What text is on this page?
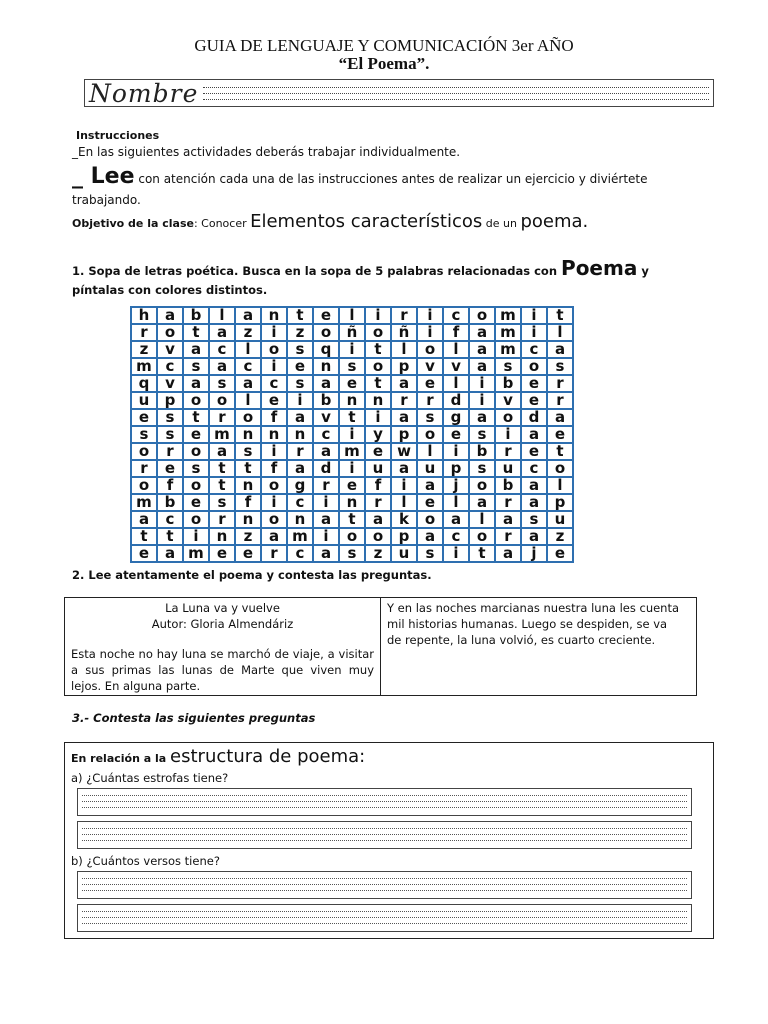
GUIA DE LENGUAJE Y COMUNICACIÓN 3er AÑO
“El Poema”.
Nombre
Instrucciones
_En las siguientes actividades deberás trabajar individualmente.
_ Lee con atención cada una de las instrucciones antes de realizar un ejercicio y diviértete
trabajando.
Objetivo de la clase: Conocer Elementos característicos de un poema.
1. Sopa de letras poética. Busca en la sopa de 5 palabras relacionadas con Poema y
píntalas con colores distintos.
h	a	b	l	a	n	t	e	l	i	r	i	c	o	m	i	t
r	o	t	a	z	i	z	o	ñ	o	ñ	i	f	a	m	i	l
z	v	a	c	l	o	s	q	i	t	l	o	l	a	m	c	a
m	c	s	a	c	i	e	n	s	o	p	v	v	a	s	o	s
q	v	a	s	a	c	s	a	e	t	a	e	l	i	b	e	r
u	p	o	o	l	e	i	b	n	n	r	r	d	i	v	e	r
e	s	t	r	o	f	a	v	t	i	a	s	g	a	o	d	a
s	s	e	m	n	n	n	c	i	y	p	o	e	s	i	a	e
o	r	o	a	s	i	r	a	m	e	w	l	i	b	r	e	t
r	e	s	t	t	f	a	d	i	u	a	u	p	s	u	c	o
o	f	o	t	n	o	g	r	e	f	i	a	j	o	b	a	l
m	b	e	s	f	i	c	i	n	r	l	e	l	a	r	a	p
a	c	o	r	n	o	n	a	t	a	k	o	a	l	a	s	u
t	t	i	n	z	a	m	i	o	o	p	a	c	o	r	a	z
e	a	m	e	e	r	c	a	s	z	u	s	i	t	a	j	e
2. Lee atentamente el poema y contesta las preguntas.
La Luna va y vuelve
Autor: Gloria Almendáriz
Esta noche no hay luna se marchó de viaje, a visitar a sus primas las lunas de Marte que viven muy lejos. En alguna parte.
Y en las noches marcianas nuestra luna les cuenta mil historias humanas. Luego se despiden, se va de repente, la luna volvió, es cuarto creciente.
3.- Contesta las siguientes preguntas
En relación a la estructura de poema:
a) ¿Cuántas estrofas tiene?
b) ¿Cuántos versos tiene?
